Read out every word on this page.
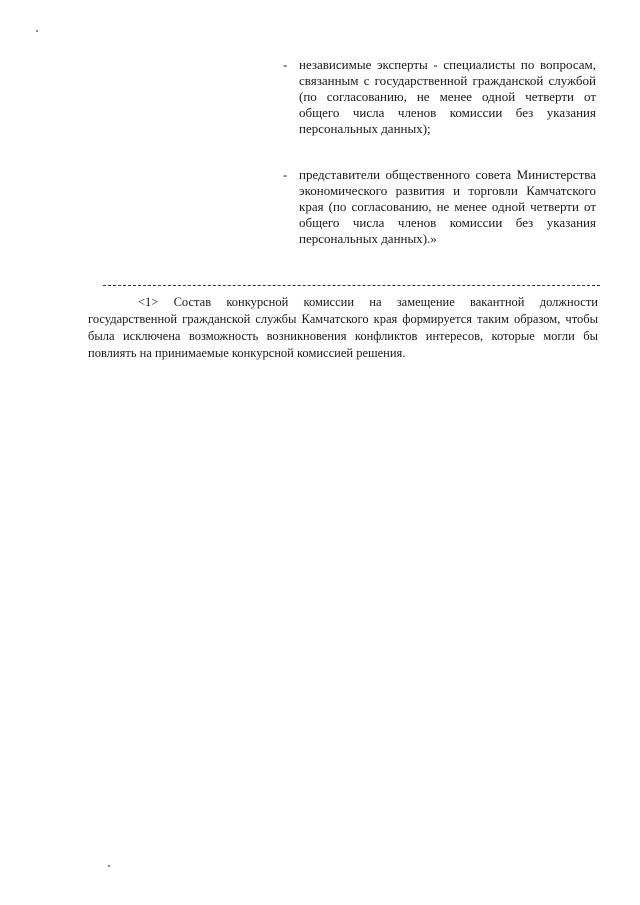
- независимые эксперты - специалисты по вопросам, связанным с государственной гражданской службой (по согласованию, не менее одной четверти от общего числа членов комиссии без указания персональных данных);
- представители общественного совета Министерства экономического развития и торговли Камчатского края (по согласованию, не менее одной четверти от общего числа членов комиссии без указания персональных данных).»
<1> Состав конкурсной комиссии на замещение вакантной должности государственной гражданской службы Камчатского края формируется таким образом, чтобы была исключена возможность возникновения конфликтов интересов, которые могли бы повлиять на принимаемые конкурсной комиссией решения.
